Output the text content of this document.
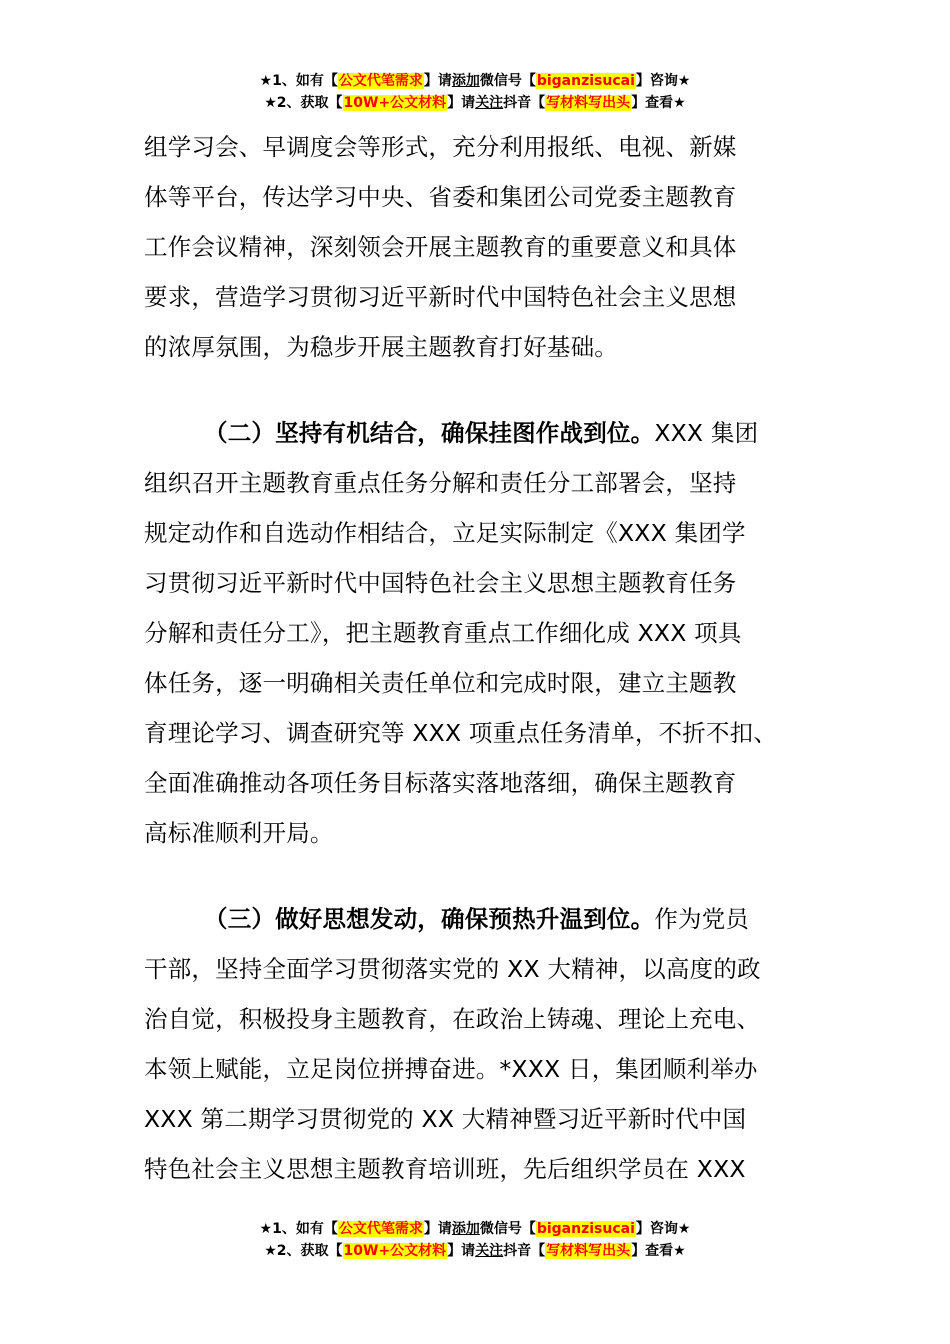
★1、如有【公文代笔需求】请添加微信号【biganzisucai】咨询★
★2、获取【10W+公文材料】请关注抖音【写材料写出头】查看★
组学习会、早调度会等形式，充分利用报纸、电视、新媒
体等平台，传达学习中央、省委和集团公司党委主题教育
工作会议精神，深刻领会开展主题教育的重要意义和具体
要求，营造学习贯彻习近平新时代中国特色社会主义思想
的浓厚氛围，为稳步开展主题教育打好基础。
（二）坚持有机结合，确保挂图作战到位。XXX 集团
组织召开主题教育重点任务分解和责任分工部署会，坚持
规定动作和自选动作相结合，立足实际制定《XXX 集团学
习贯彻习近平新时代中国特色社会主义思想主题教育任务
分解和责任分工》，把主题教育重点工作细化成 XXX 项具
体任务，逐一明确相关责任单位和完成时限，建立主题教
育理论学习、调查研究等 XXX 项重点任务清单，不折不扣、
全面准确推动各项任务目标落实落地落细，确保主题教育
高标准顺利开局。
（三）做好思想发动，确保预热升温到位。作为党员
干部，坚持全面学习贯彻落实党的 XX 大精神，以高度的政
治自觉，积极投身主题教育，在政治上铸魂、理论上充电、
本领上赋能，立足岗位拼搏奋进。*XXX 日，集团顺利举办
XXX 第二期学习贯彻党的 XX 大精神暨习近平新时代中国
特色社会主义思想主题教育培训班，先后组织学员在 XXX
★1、如有【公文代笔需求】请添加微信号【biganzisucai】咨询★
★2、获取【10W+公文材料】请关注抖音【写材料写出头】查看★
